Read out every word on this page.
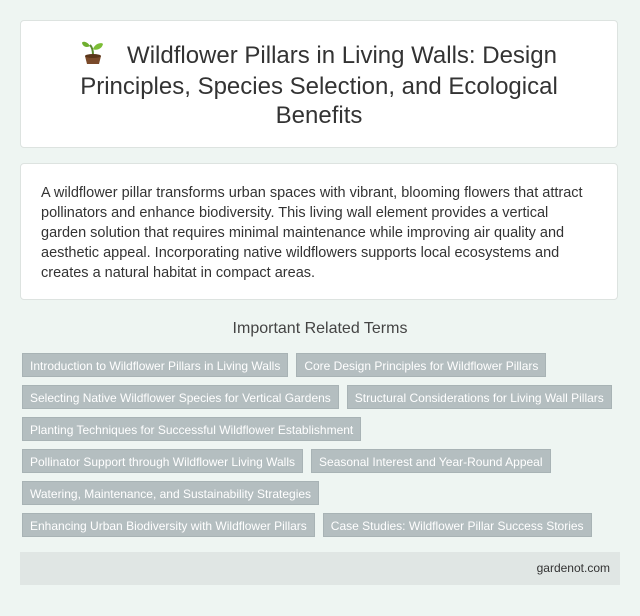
Wildflower Pillars in Living Walls: Design Principles, Species Selection, and Ecological Benefits

A wildflower pillar transforms urban spaces with vibrant, blooming flowers that attract pollinators and enhance biodiversity. This living wall element provides a vertical garden solution that requires minimal maintenance while improving air quality and aesthetic appeal. Incorporating native wildflowers supports local ecosystems and creates a natural habitat in compact areas.

Important Related Terms
Introduction to Wildflower Pillars in Living Walls	Core Design Principles for Wildflower Pillars
Selecting Native Wildflower Species for Vertical Gardens	Structural Considerations for Living Wall Pillars
Planting Techniques for Successful Wildflower Establishment
Pollinator Support through Wildflower Living Walls	Seasonal Interest and Year-Round Appeal
Watering, Maintenance, and Sustainability Strategies
Enhancing Urban Biodiversity with Wildflower Pillars	Case Studies: Wildflower Pillar Success Stories
gardenot.com
